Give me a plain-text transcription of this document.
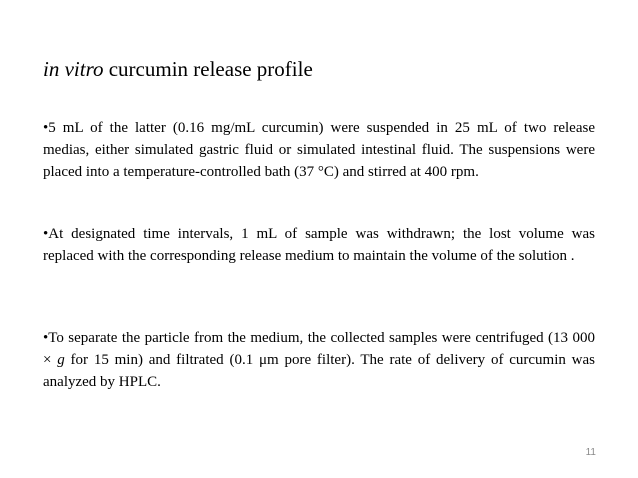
in vitro curcumin release profile
•5 mL of the latter (0.16 mg/mL curcumin) were suspended in 25 mL of two release medias, either simulated gastric fluid or simulated intestinal fluid. The suspensions were placed into a temperature-controlled bath (37 °C) and stirred at 400 rpm.
•At designated time intervals, 1 mL of sample was withdrawn; the lost volume was replaced with the corresponding release medium to maintain the volume of the solution .
•To separate the particle from the medium, the collected samples were centrifuged (13 000 × g for 15 min) and filtrated (0.1 μm pore filter). The rate of delivery of curcumin was analyzed by HPLC.
11
